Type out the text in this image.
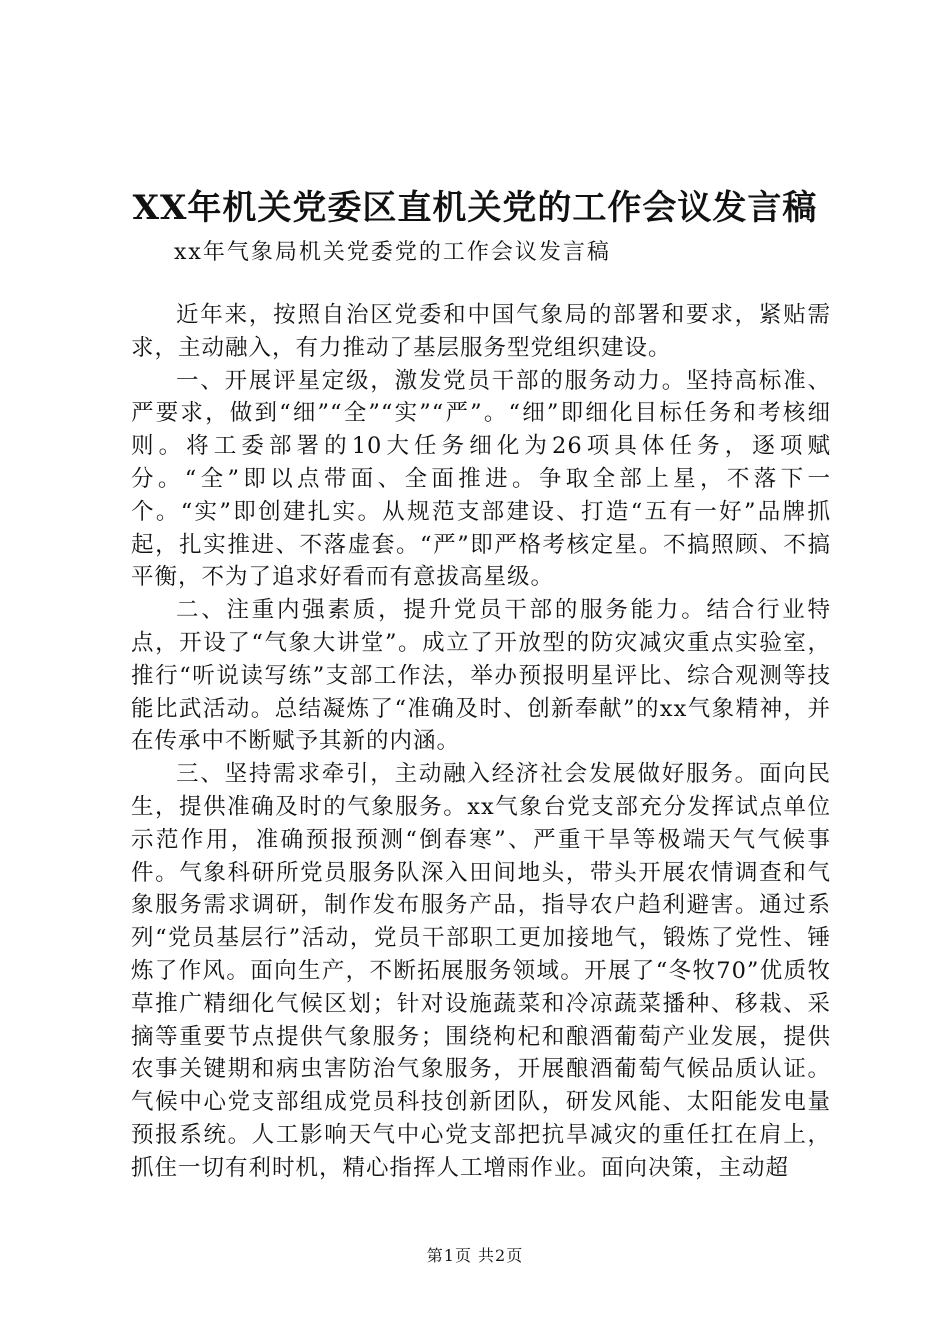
XX年机关党委区直机关党的工作会议发言稿

xx年气象局机关党委党的工作会议发言稿

近年来，按照自治区党委和中国气象局的部署和要求，紧贴需求，主动融入，有力推动了基层服务型党组织建设。

一、开展评星定级，激发党员干部的服务动力。坚持高标准、严要求，做到“细”“全”“实”“严”。“细”即细化目标任务和考核细则。将工委部署的10大任务细化为26项具体任务，逐项赋分。“全”即以点带面、全面推进。争取全部上星，不落下一个。“实”即创建扎实。从规范支部建设、打造“五有一好”品牌抓起，扎实推进、不落虚套。“严”即严格考核定星。不搞照顾、不搞平衡，不为了追求好看而有意拔高星级。

二、注重内强素质，提升党员干部的服务能力。结合行业特点，开设了“气象大讲堂”。成立了开放型的防灾减灾重点实验室，推行“听说读写练”支部工作法，举办预报明星评比、综合观测等技能比武活动。总结凝炼了“准确及时、创新奉献”的xx气象精神，并在传承中不断赋予其新的内涵。

三、坚持需求牵引，主动融入经济社会发展做好服务。面向民生，提供准确及时的气象服务。xx气象台党支部充分发挥试点单位示范作用，准确预报预测“倒春寒”、严重干旱等极端天气气候事件。气象科研所党员服务队深入田间地头，带头开展农情调查和气象服务需求调研，制作发布服务产品，指导农户趋利避害。通过系列“党员基层行”活动，党员干部职工更加接地气，锻炼了党性、锤炼了作风。面向生产，不断拓展服务领域。开展了“冬牧70”优质牧草推广精细化气候区划；针对设施蔬菜和冷凉蔬菜播种、移栽、采摘等重要节点提供气象服务；围绕枸杞和酿酒葡萄产业发展，提供农事关键期和病虫害防治气象服务，开展酿酒葡萄气候品质认证。气候中心党支部组成党员科技创新团队，研发风能、太阳能发电量预报系统。人工影响天气中心党支部把抗旱减灾的重任扛在肩上，抓住一切有利时机，精心指挥人工增雨作业。面向决策，主动超

第1页 共2页
